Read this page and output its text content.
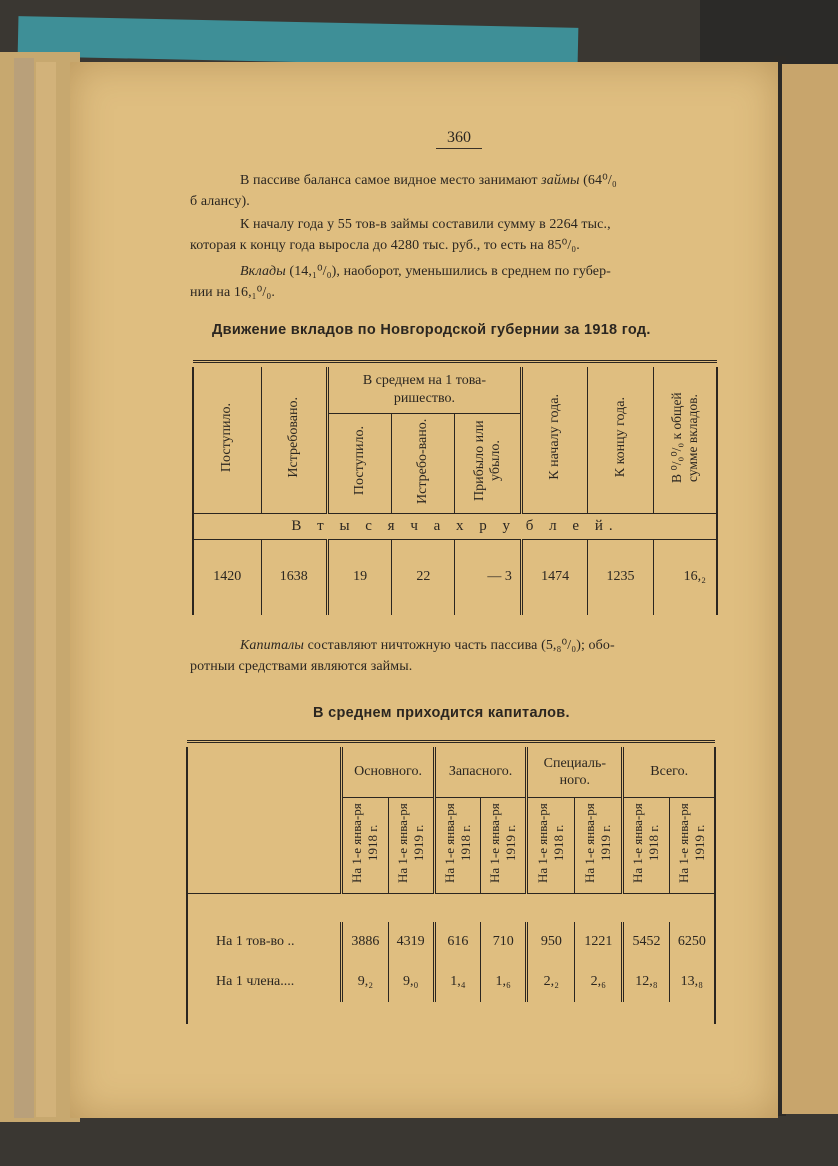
360
В пассиве баланса самое видное место занимают займы (64⁰/₀
б алансу).
К началу года у 55 тов-в займы составили сумму в 2264 тыс.,
которая к концу года выросла до 4280 тыс. руб., то есть на 85⁰/₀.
Вклады (14,₁⁰/₀), наоборот, уменьшились в среднем по губер-
нии на 16,₁⁰/₀.
Движение вкладов по Новгородской губернии за 1918 год.

Поступило.	Истребовано.	В среднем на 1 това-ришество.			К началу года.	К концу года.	В ⁰/₀⁰/₀ к общей сумме вкладов.
		Поступило.	Истребо-вано.	Прибыло или убыло.			
В т ы с я ч а х р у б л е й.							
1420	1638	19	22	— 3	1474	1235	16,₂
Капиталы составляют ничтожную часть пассива (5,₈⁰/₀); обо-
ротныи средствами являются займы.
В среднем приходится капиталов.

	Основного.		Запасного.		Специаль-ного.		Всего.	
	На 1-е янва-ря 1918 г.	На 1-е янва-ря 1919 г.	На 1-е янва-ря 1918 г.	На 1-е янва-ря 1919 г.	На 1-е янва-ря 1918 г.	На 1-е янва-ря 1919 г.	На 1-е янва-ря 1918 г.	На 1-е янва-ря 1919 г.

На 1 тов-во ..	3886	4319	616	710	950	1221	5452	6250
На 1 члена....	9,₂	9,₀	1,₄	1,₆	2,₂	2,₆	12,₈	13,₈
